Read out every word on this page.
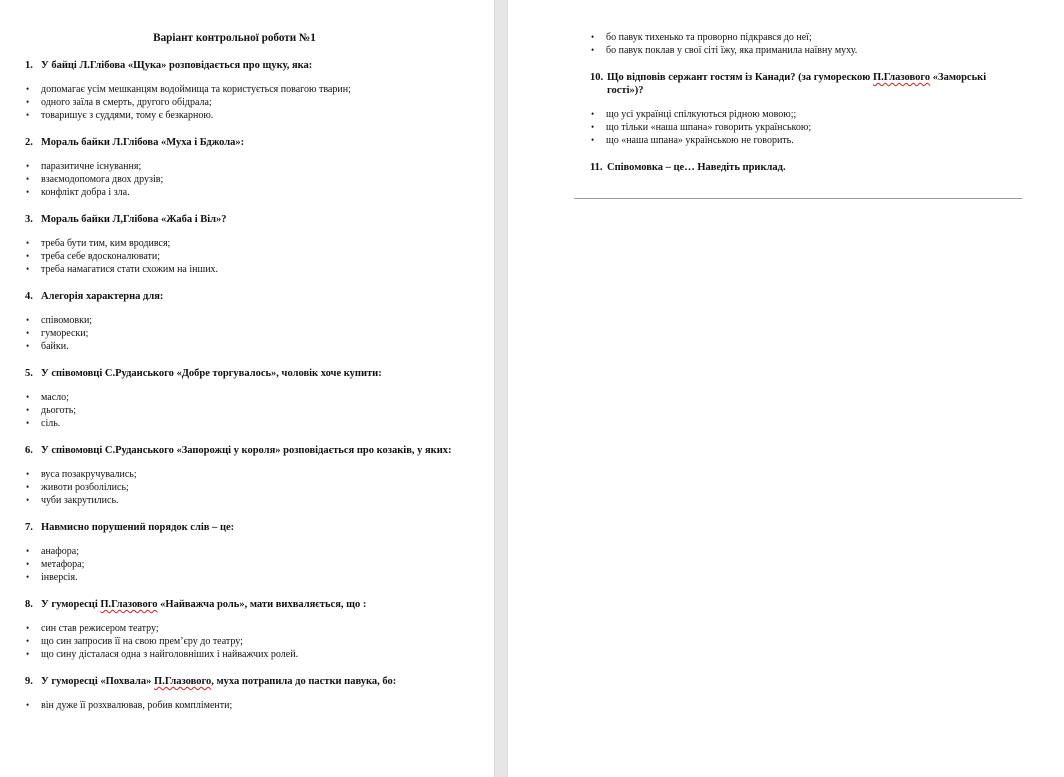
Варіант контрольної роботи №1
1. У байці Л.Глібова «Щука» розповідається про щуку, яка:
• допомагає усім мешканцям водоймища та користується повагою тварин;
• одного заїла в смерть, другого обідрала;
• товаришує з суддями, тому є безкарною.
2. Мораль байки Л.Глібова «Муха і Бджола»:
• паразитичне існування;
• взаємодопомога двох друзів;
• конфлікт добра і зла.
3. Мораль байки Л,Глібова «Жаба і Віл»?
• треба бути тим, ким вродився;
• треба себе вдосконалювати;
• треба намагатися стати схожим на інших.
4. Алегорія характерна для:
• співомовки;
• гуморески;
• байки.
5. У співомовці С.Руданського «Добре торгувалось», чоловік хоче купити:
• масло;
• дьоготь;
• сіль.
6. У співомовці С.Руданського «Запорожці у короля» розповідається про козаків, у яких:
• вуса позакручувались;
• животи розболілись;
• чуби закрутились.
7. Навмисно порушений порядок слів – це:
• анафора;
• метафора;
• інверсія.
8. У гуморесці П.Глазового «Найважча роль», мати вихваляється, що :
• син став режисером театру;
• що син запросив її на свою прем’єру до театру;
• що сину дісталася одна з найголовніших і найважчих ролей.
9. У гуморесці «Похвала» П.Глазового, муха потрапила до пастки павука, бо:
• він дуже її розхвалював, робив компліменти;
• бо павук тихенько та проворно підкрався до неї;
• бо павук поклав у свої сіті їжу, яка приманила наївну муху.
10. Що відповів сержант гостям із Канади? (за гуморескою П.Глазового «Заморські гості»)?
• що усі українці спілкуються рідною мовою;;
• що тільки «наша шпана» говорить українською;
• що «наша шпана» українською не говорить.
11. Співомовка – це… Наведіть приклад.
